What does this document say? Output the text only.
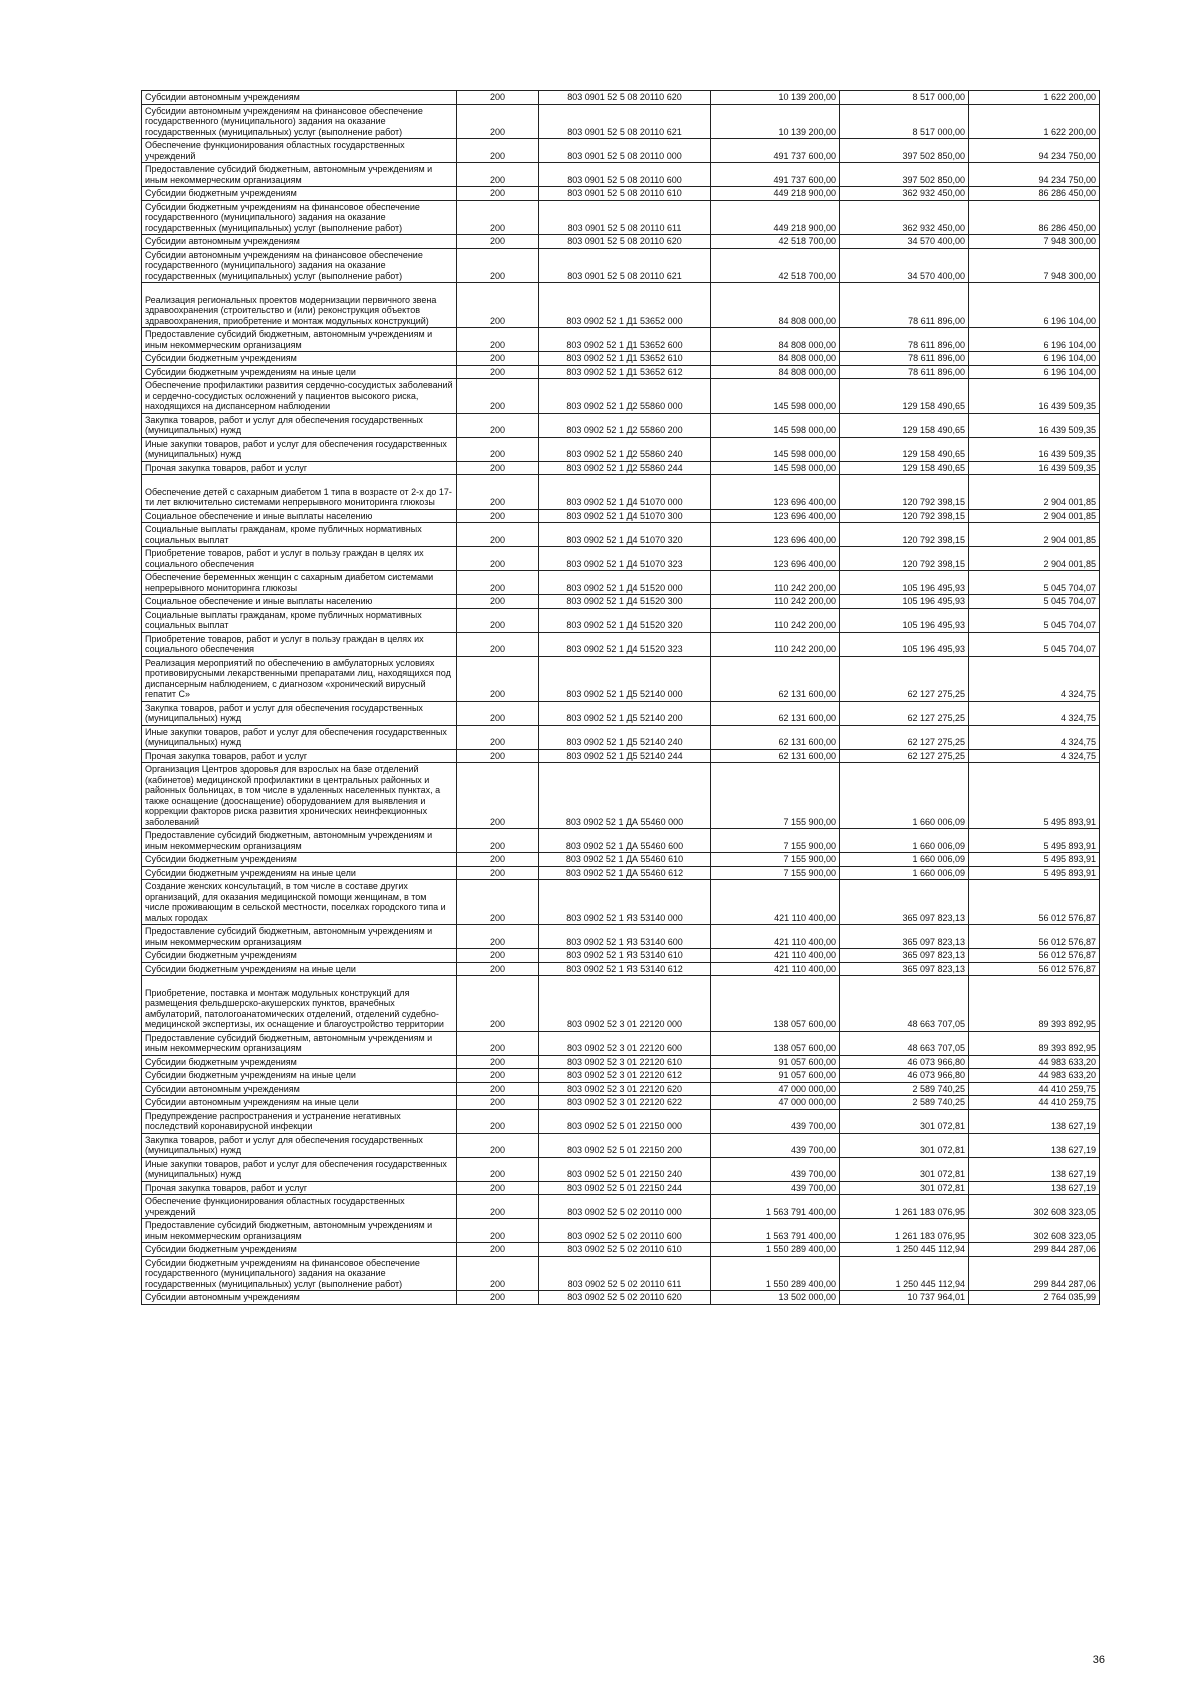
Субсидии автономным учреждениям	200	803 0901 52 5 08 20110 620	10 139 200,00	8 517 000,00	1 622 200,00
Субсидии автономным учреждениям на финансовое обеспечение государственного (муниципального) задания на оказание государственных (муниципальных) услуг (выполнение работ)	200	803 0901 52 5 08 20110 621	10 139 200,00	8 517 000,00	1 622 200,00
Обеспечение функционирования областных государственных учреждений	200	803 0901 52 5 08 20110 000	491 737 600,00	397 502 850,00	94 234 750,00
Предоставление субсидий бюджетным, автономным учреждениям и иным некоммерческим организациям	200	803 0901 52 5 08 20110 600	491 737 600,00	397 502 850,00	94 234 750,00
Субсидии бюджетным учреждениям	200	803 0901 52 5 08 20110 610	449 218 900,00	362 932 450,00	86 286 450,00
Субсидии бюджетным учреждениям на финансовое обеспечение государственного (муниципального) задания на оказание государственных (муниципальных) услуг (выполнение работ)	200	803 0901 52 5 08 20110 611	449 218 900,00	362 932 450,00	86 286 450,00
Субсидии автономным учреждениям	200	803 0901 52 5 08 20110 620	42 518 700,00	34 570 400,00	7 948 300,00
Субсидии автономным учреждениям на финансовое обеспечение государственного (муниципального) задания на оказание государственных (муниципальных) услуг (выполнение работ)	200	803 0901 52 5 08 20110 621	42 518 700,00	34 570 400,00	7 948 300,00
Реализация региональных проектов модернизации первичного звена здравоохранения (строительство и (или) реконструкция объектов здравоохранения, приобретение и монтаж модульных конструкций)	200	803 0902 52 1 Д1 53652 000	84 808 000,00	78 611 896,00	6 196 104,00
Предоставление субсидий бюджетным, автономным учреждениям и иным некоммерческим организациям	200	803 0902 52 1 Д1 53652 600	84 808 000,00	78 611 896,00	6 196 104,00
Субсидии бюджетным учреждениям	200	803 0902 52 1 Д1 53652 610	84 808 000,00	78 611 896,00	6 196 104,00
Субсидии бюджетным учреждениям на иные цели	200	803 0902 52 1 Д1 53652 612	84 808 000,00	78 611 896,00	6 196 104,00
Обеспечение профилактики развития сердечно-сосудистых заболеваний и сердечно-сосудистых осложнений у пациентов высокого риска, находящихся на диспансерном наблюдении	200	803 0902 52 1 Д2 55860 000	145 598 000,00	129 158 490,65	16 439 509,35
Закупка товаров, работ и услуг для обеспечения государственных (муниципальных) нужд	200	803 0902 52 1 Д2 55860 200	145 598 000,00	129 158 490,65	16 439 509,35
Иные закупки товаров, работ и услуг для обеспечения государственных (муниципальных) нужд	200	803 0902 52 1 Д2 55860 240	145 598 000,00	129 158 490,65	16 439 509,35
Прочая закупка товаров, работ и услуг	200	803 0902 52 1 Д2 55860 244	145 598 000,00	129 158 490,65	16 439 509,35
Обеспечение детей с сахарным диабетом 1 типа в возрасте от 2-х до 17-ти лет включительно системами непрерывного мониторинга глюкозы	200	803 0902 52 1 Д4 51070 000	123 696 400,00	120 792 398,15	2 904 001,85
Социальное обеспечение и иные выплаты населению	200	803 0902 52 1 Д4 51070 300	123 696 400,00	120 792 398,15	2 904 001,85
Социальные выплаты гражданам, кроме публичных нормативных социальных выплат	200	803 0902 52 1 Д4 51070 320	123 696 400,00	120 792 398,15	2 904 001,85
Приобретение товаров, работ и услуг в пользу граждан в целях их социального обеспечения	200	803 0902 52 1 Д4 51070 323	123 696 400,00	120 792 398,15	2 904 001,85
Обеспечение беременных женщин с сахарным диабетом системами непрерывного мониторинга глюкозы	200	803 0902 52 1 Д4 51520 000	110 242 200,00	105 196 495,93	5 045 704,07
Социальное обеспечение и иные выплаты населению	200	803 0902 52 1 Д4 51520 300	110 242 200,00	105 196 495,93	5 045 704,07
Социальные выплаты гражданам, кроме публичных нормативных социальных выплат	200	803 0902 52 1 Д4 51520 320	110 242 200,00	105 196 495,93	5 045 704,07
Приобретение товаров, работ и услуг в пользу граждан в целях их социального обеспечения	200	803 0902 52 1 Д4 51520 323	110 242 200,00	105 196 495,93	5 045 704,07
Реализация мероприятий по обеспечению в амбулаторных условиях противовирусными лекарственными препаратами лиц, находящихся под диспансерным наблюдением, с диагнозом «хронический вирусный гепатит С»	200	803 0902 52 1 Д5 52140 000	62 131 600,00	62 127 275,25	4 324,75
Закупка товаров, работ и услуг для обеспечения государственных (муниципальных) нужд	200	803 0902 52 1 Д5 52140 200	62 131 600,00	62 127 275,25	4 324,75
Иные закупки товаров, работ и услуг для обеспечения государственных (муниципальных) нужд	200	803 0902 52 1 Д5 52140 240	62 131 600,00	62 127 275,25	4 324,75
Прочая закупка товаров, работ и услуг	200	803 0902 52 1 Д5 52140 244	62 131 600,00	62 127 275,25	4 324,75
Организация Центров здоровья для взрослых на базе отделений (кабинетов) медицинской профилактики в центральных районных и районных больницах, в том числе в удаленных населенных пунктах, а также оснащение (дооснащение) оборудованием для выявления и коррекции факторов риска развития хронических неинфекционных заболеваний	200	803 0902 52 1 ДА 55460 000	7 155 900,00	1 660 006,09	5 495 893,91
Предоставление субсидий бюджетным, автономным учреждениям и иным некоммерческим организациям	200	803 0902 52 1 ДА 55460 600	7 155 900,00	1 660 006,09	5 495 893,91
Субсидии бюджетным учреждениям	200	803 0902 52 1 ДА 55460 610	7 155 900,00	1 660 006,09	5 495 893,91
Субсидии бюджетным учреждениям на иные цели	200	803 0902 52 1 ДА 55460 612	7 155 900,00	1 660 006,09	5 495 893,91
Создание женских консультаций, в том числе в составе других организаций, для оказания медицинской помощи женщинам, в том числе проживающим в сельской местности, поселках городского типа и малых городах	200	803 0902 52 1 Я3 53140 000	421 110 400,00	365 097 823,13	56 012 576,87
Предоставление субсидий бюджетным, автономным учреждениям и иным некоммерческим организациям	200	803 0902 52 1 Я3 53140 600	421 110 400,00	365 097 823,13	56 012 576,87
Субсидии бюджетным учреждениям	200	803 0902 52 1 Я3 53140 610	421 110 400,00	365 097 823,13	56 012 576,87
Субсидии бюджетным учреждениям на иные цели	200	803 0902 52 1 Я3 53140 612	421 110 400,00	365 097 823,13	56 012 576,87
Приобретение, поставка и монтаж модульных конструкций для размещения фельдшерско-акушерских пунктов, врачебных амбулаторий, патологоанатомических отделений, отделений судебно-медицинской экспертизы, их оснащение и благоустройство территории	200	803 0902 52 3 01 22120 000	138 057 600,00	48 663 707,05	89 393 892,95
Предоставление субсидий бюджетным, автономным учреждениям и иным некоммерческим организациям	200	803 0902 52 3 01 22120 600	138 057 600,00	48 663 707,05	89 393 892,95
Субсидии бюджетным учреждениям	200	803 0902 52 3 01 22120 610	91 057 600,00	46 073 966,80	44 983 633,20
Субсидии бюджетным учреждениям на иные цели	200	803 0902 52 3 01 22120 612	91 057 600,00	46 073 966,80	44 983 633,20
Субсидии автономным учреждениям	200	803 0902 52 3 01 22120 620	47 000 000,00	2 589 740,25	44 410 259,75
Субсидии автономным учреждениям на иные цели	200	803 0902 52 3 01 22120 622	47 000 000,00	2 589 740,25	44 410 259,75
Предупреждение распространения и устранение негативных последствий коронавирусной инфекции	200	803 0902 52 5 01 22150 000	439 700,00	301 072,81	138 627,19
Закупка товаров, работ и услуг для обеспечения государственных (муниципальных) нужд	200	803 0902 52 5 01 22150 200	439 700,00	301 072,81	138 627,19
Иные закупки товаров, работ и услуг для обеспечения государственных (муниципальных) нужд	200	803 0902 52 5 01 22150 240	439 700,00	301 072,81	138 627,19
Прочая закупка товаров, работ и услуг	200	803 0902 52 5 01 22150 244	439 700,00	301 072,81	138 627,19
Обеспечение функционирования областных государственных учреждений	200	803 0902 52 5 02 20110 000	1 563 791 400,00	1 261 183 076,95	302 608 323,05
Предоставление субсидий бюджетным, автономным учреждениям и иным некоммерческим организациям	200	803 0902 52 5 02 20110 600	1 563 791 400,00	1 261 183 076,95	302 608 323,05
Субсидии бюджетным учреждениям	200	803 0902 52 5 02 20110 610	1 550 289 400,00	1 250 445 112,94	299 844 287,06
Субсидии бюджетным учреждениям на финансовое обеспечение государственного (муниципального) задания на оказание государственных (муниципальных) услуг (выполнение работ)	200	803 0902 52 5 02 20110 611	1 550 289 400,00	1 250 445 112,94	299 844 287,06
Субсидии автономным учреждениям	200	803 0902 52 5 02 20110 620	13 502 000,00	10 737 964,01	2 764 035,99
36
